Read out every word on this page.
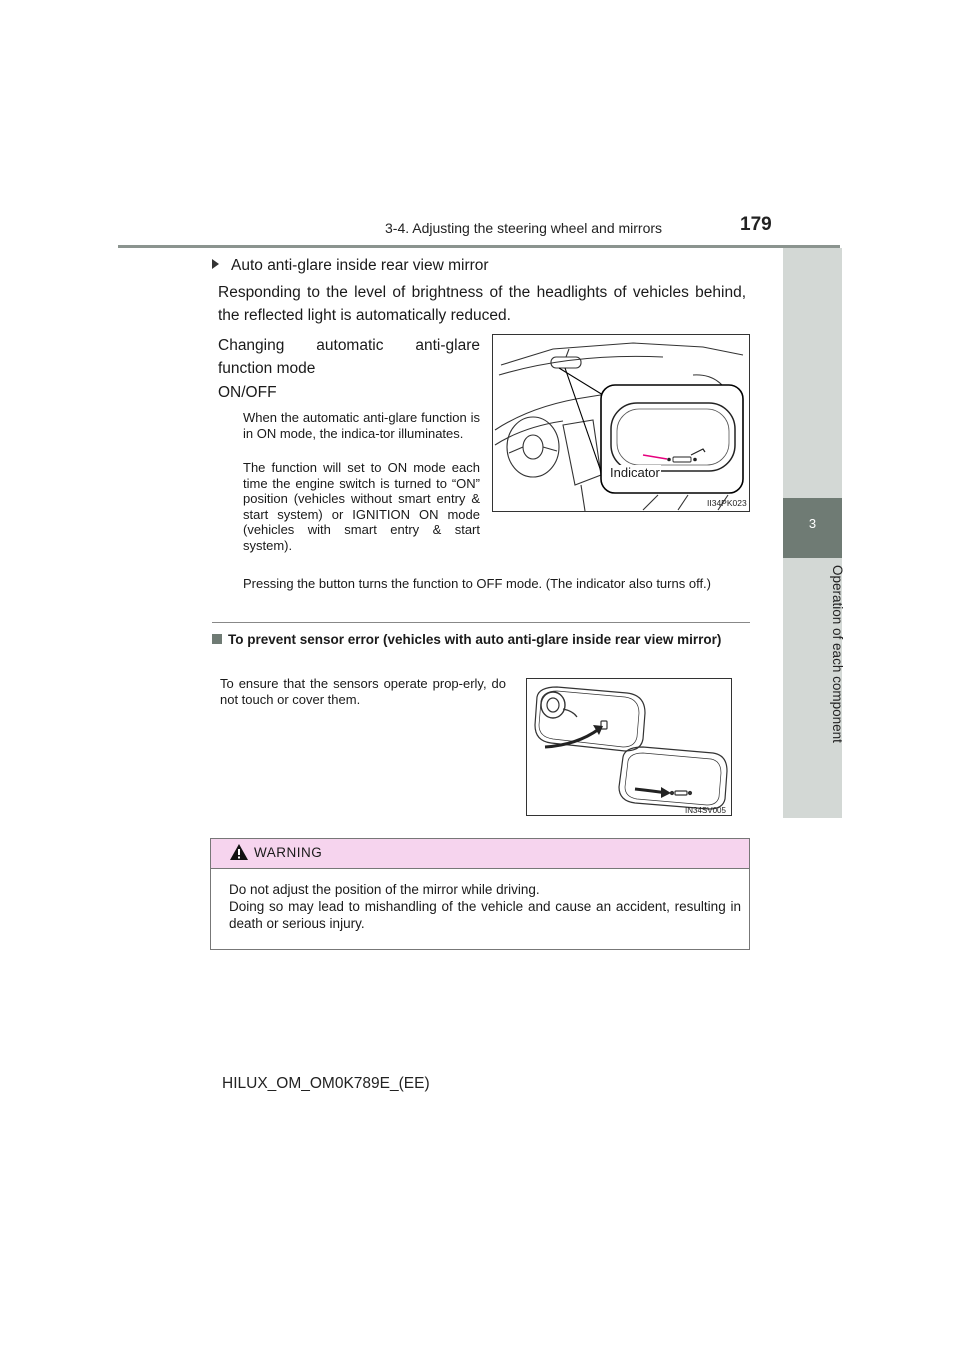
3-4. Adjusting the steering wheel and mirrors	179
3
Operation of each component
Auto anti-glare inside rear view mirror
Responding to the level of brightness of the headlights of vehicles behind, the reflected light is automatically reduced.
Changing automatic anti-glare function mode
ON/OFF
When the automatic anti-glare function is in ON mode, the indica-tor illuminates.
The function will set to ON mode each time the engine switch is turned to “ON” position (vehicles without smart entry & start system) or IGNITION ON mode (vehicles with smart entry & start system).
Pressing the button turns the function to OFF mode. (The indicator also turns off.)
II34PK023
Indicator
To prevent sensor error (vehicles with auto anti-glare inside rear view mirror)
To ensure that the sensors operate prop-erly, do not touch or cover them.
IN34SV005
WARNING

Do not adjust the position of the mirror while driving.

Doing so may lead to mishandling of the vehicle and cause an accident, resulting in death or serious injury.

HILUX_OM_OM0K789E_(EE)
